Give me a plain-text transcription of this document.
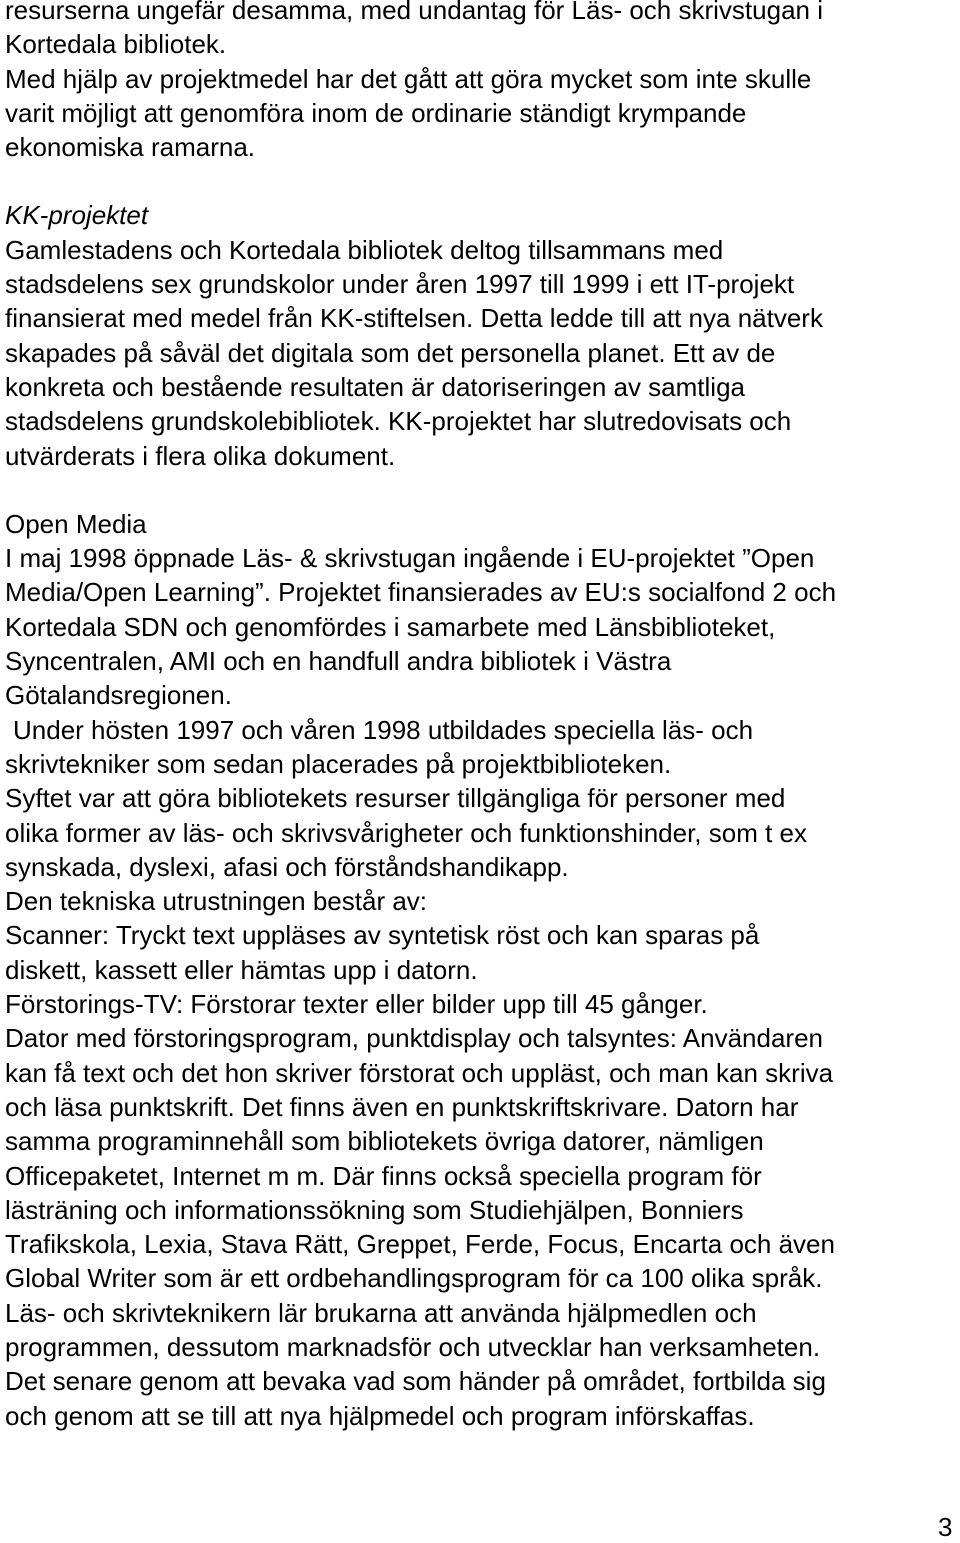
resurserna ungefär desamma, med undantag för Läs- och skrivstugan i

Kortedala bibliotek.

Med hjälp av projektmedel har det gått att göra mycket som inte skulle

varit möjligt att genomföra inom de ordinarie ständigt krympande

ekonomiska ramarna.

KK-projektet

Gamlestadens och Kortedala bibliotek deltog tillsammans med

stadsdelens sex grundskolor under åren 1997 till 1999 i ett IT-projekt

finansierat med medel från KK-stiftelsen. Detta ledde till att nya nätverk

skapades på såväl det digitala som det personella planet. Ett av de

konkreta och bestående resultaten är datoriseringen av samtliga

stadsdelens grundskolebibliotek. KK-projektet har slutredovisats och

utvärderats i flera olika dokument.

Open Media

I maj 1998 öppnade Läs- & skrivstugan ingående i EU-projektet ”Open

Media/Open Learning”. Projektet finansierades av EU:s socialfond 2 och

Kortedala SDN och genomfördes i samarbete med Länsbiblioteket,

Syncentralen, AMI och en handfull andra bibliotek i Västra

Götalandsregionen.

Under hösten 1997 och våren 1998 utbildades speciella läs- och

skrivtekniker som sedan placerades på projektbiblioteken.

Syftet var att göra bibliotekets resurser tillgängliga för personer med

olika former av läs- och skrivsvårigheter och funktionshinder, som t ex

synskada, dyslexi, afasi och förståndshandikapp.

Den tekniska utrustningen består av:

Scanner: Tryckt text uppläses av syntetisk röst och kan sparas på

diskett, kassett eller hämtas upp i datorn.

Förstorings-TV: Förstorar texter eller bilder upp till 45 gånger.

Dator med förstoringsprogram, punktdisplay och talsyntes: Användaren

kan få text och det hon skriver förstorat och uppläst, och man kan skriva

och läsa punktskrift. Det finns även en punktskriftskrivare. Datorn har

samma programinnehåll som bibliotekets övriga datorer, nämligen

Officepaketet, Internet m m. Där finns också speciella program för

lästräning och informationssökning som Studiehjälpen, Bonniers

Trafikskola, Lexia, Stava Rätt, Greppet, Ferde, Focus, Encarta och även

Global Writer som är ett ordbehandlingsprogram för ca 100 olika språk.

Läs- och skrivteknikern lär brukarna att använda hjälpmedlen och

programmen, dessutom marknadsför och utvecklar han verksamheten.

Det senare genom att bevaka vad som händer på området, fortbilda sig

och genom att se till att nya hjälpmedel och program införskaffas.

3
